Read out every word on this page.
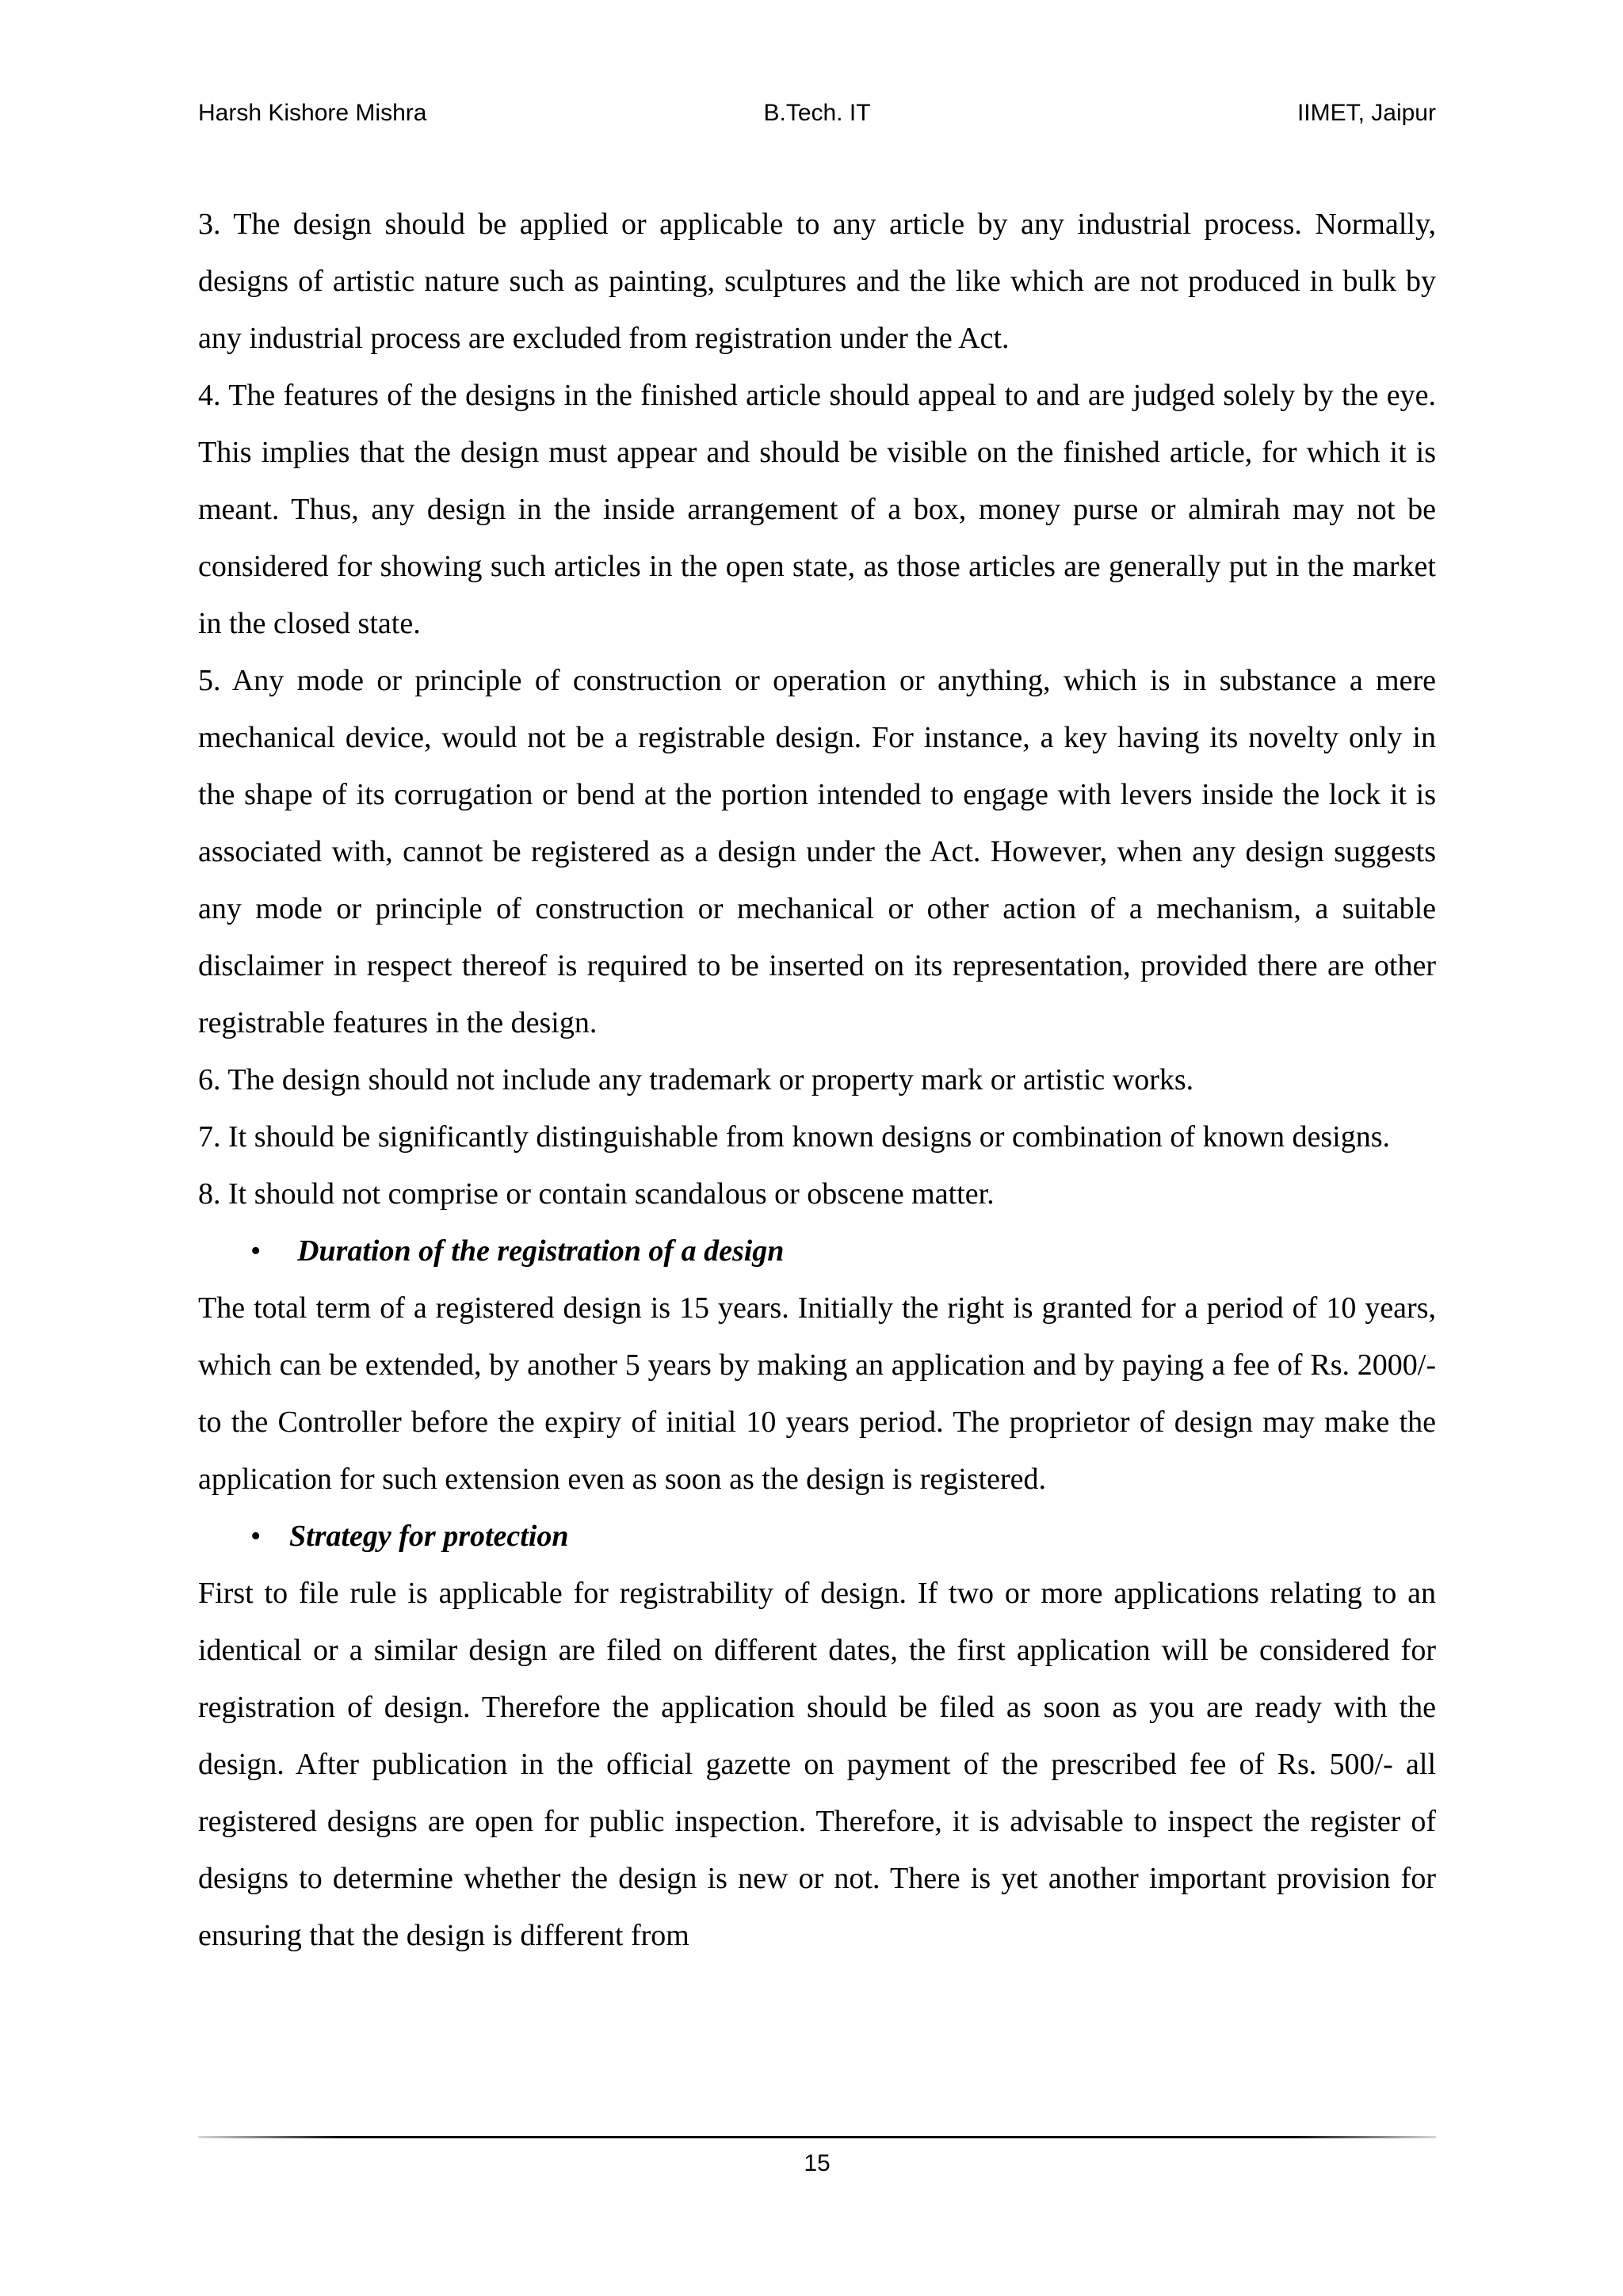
Harsh Kishore Mishra	B.Tech. IT	IIMET, Jaipur

3. The design should be applied or applicable to any article by any industrial process. Normally, designs of artistic nature such as painting, sculptures and the like which are not produced in bulk by any industrial process are excluded from registration under the Act.

4. The features of the designs in the finished article should appeal to and are judged solely by the eye. This implies that the design must appear and should be visible on the finished article, for which it is meant. Thus, any design in the inside arrangement of a box, money purse or almirah may not be considered for showing such articles in the open state, as those articles are generally put in the market in the closed state.

5. Any mode or principle of construction or operation or anything, which is in substance a mere mechanical device, would not be a registrable design. For instance, a key having its novelty only in the shape of its corrugation or bend at the portion intended to engage with levers inside the lock it is associated with, cannot be registered as a design under the Act. However, when any design suggests any mode or principle of construction or mechanical or other action of a mechanism, a suitable disclaimer in respect thereof is required to be inserted on its representation, provided there are other registrable features in the design.

6. The design should not include any trademark or property mark or artistic works.

7. It should be significantly distinguishable from known designs or combination of known designs.

8. It should not comprise or contain scandalous or obscene matter.

• Duration of the registration of a design

The total term of a registered design is 15 years. Initially the right is granted for a period of 10 years, which can be extended, by another 5 years by making an application and by paying a fee of Rs. 2000/- to the Controller before the expiry of initial 10 years period. The proprietor of design may make the application for such extension even as soon as the design is registered.

• Strategy for protection

First to file rule is applicable for registrability of design. If two or more applications relating to an identical or a similar design are filed on different dates, the first application will be considered for registration of design. Therefore the application should be filed as soon as you are ready with the design. After publication in the official gazette on payment of the prescribed fee of Rs. 500/- all registered designs are open for public inspection. Therefore, it is advisable to inspect the register of designs to determine whether the design is new or not. There is yet another important provision for ensuring that the design is different from

15
